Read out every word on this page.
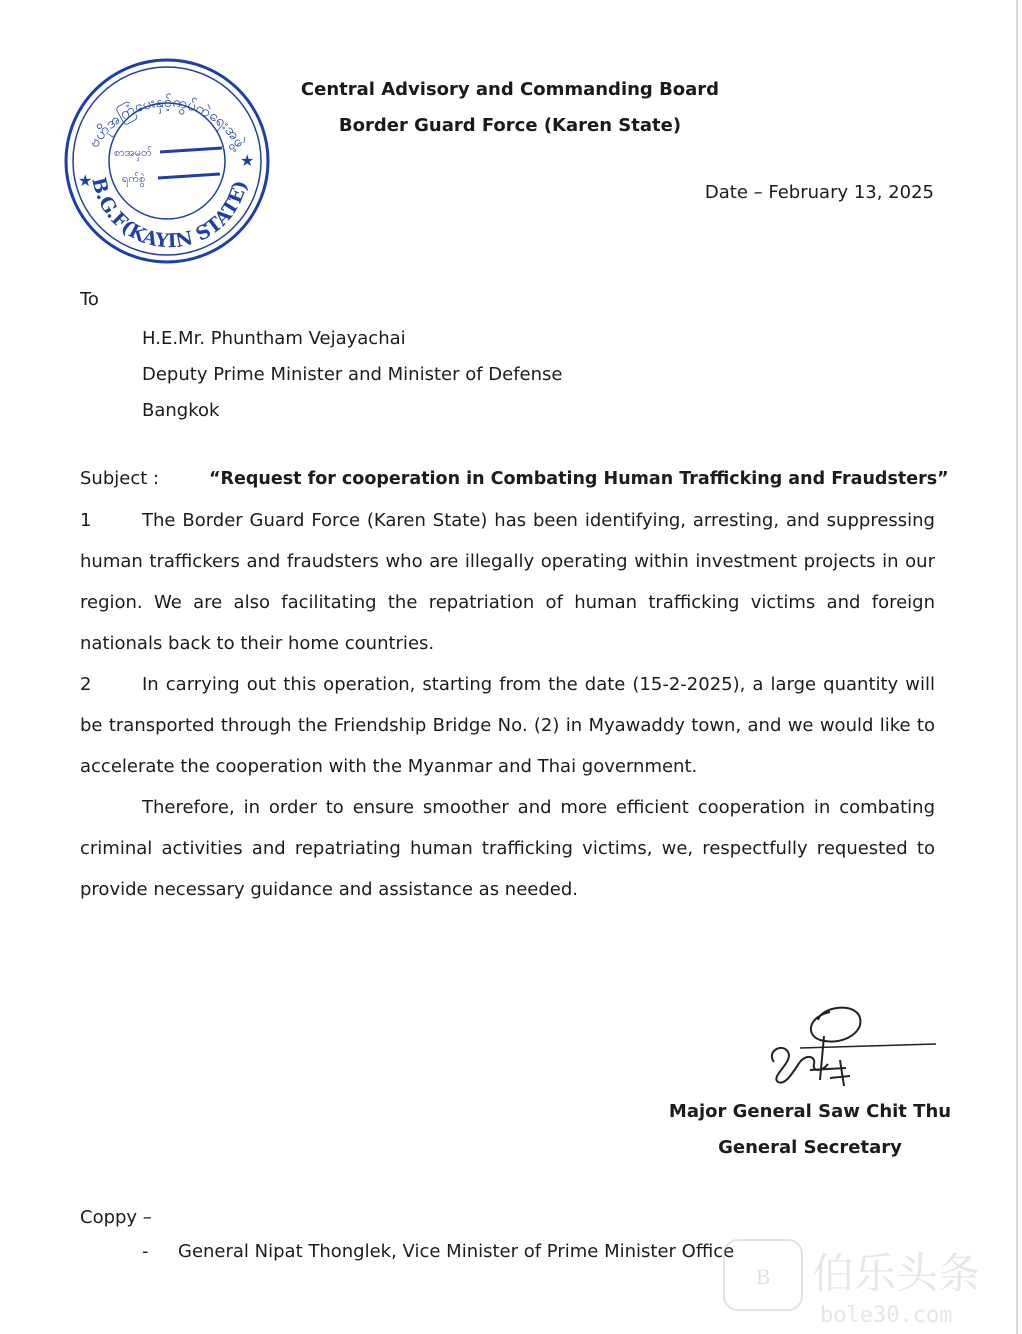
ဗဟိုအကြံပေးနှင့်ကွပ်ကဲရေးအဖွဲ့
B.G.F(KAYIN STATE)
★
★
စာအမှတ်
ရက်စွဲ
Central Advisory and Commanding Board
Border Guard Force (Karen State)
Date – February 13, 2025
To
H.E.Mr. Phuntham Vejayachai
Deputy Prime Minister and Minister of Defense
Bangkok
Subject :	“Request for cooperation in Combating Human Trafficking and Fraudsters”
1	The Border Guard Force (Karen State) has been identifying, arresting, and suppressing human traffickers and fraudsters who are illegally operating within investment projects in our region. We are also facilitating the repatriation of human trafficking victims and foreign nationals back to their home countries.
2	In carrying out this operation, starting from the date (15-2-2025), a large quantity will be transported through the Friendship Bridge No. (2) in Myawaddy town, and we would like to accelerate the cooperation with the Myanmar and Thai government.
Therefore, in order to ensure smoother and more efficient cooperation in combating criminal activities and repatriating human trafficking victims, we, respectfully requested to provide necessary guidance and assistance as needed.
Major General Saw Chit Thu
General Secretary
Coppy –
- General Nipat Thonglek, Vice Minister of Prime Minister Office
B 伯乐头条
bole30.com
